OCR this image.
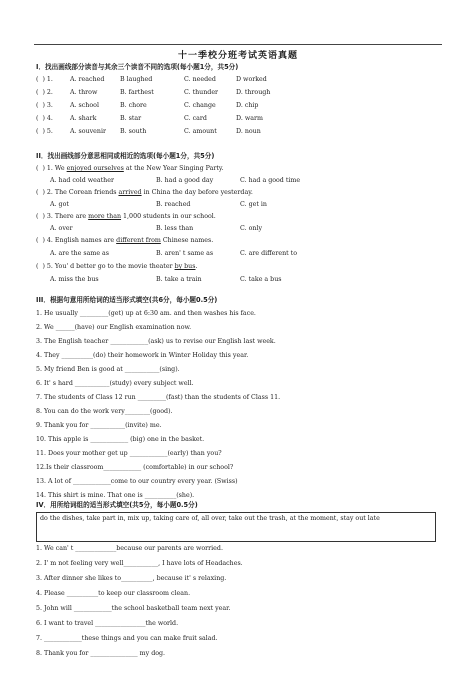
十一季校分班考试英语真题
I．找出画线部分读音与其余三个读音不同的选项(每小题1分，共5分)
(  ) 1.	A. reached B laughed	C. needed	D worked
(  ) 2.	A. throw	B. farthest	C. thunder	D. through
(  ) 3.	A. school	B. chore	C. change	D. chip
(  ) 4.	A. shark	B. star	C. card	D. warm
(  ) 5.	A. souvenir B. south	C. amount	D. noun
II．找出画线部分意思相同或相近的选项(每小题1分，共5分)
(  ) 1. We enjoyed ourselves at the New Year Singing Party.
A. had cold weather	B. had a good day	C. had a good time
(  ) 2. The Corean friends arrived in China the day before yesterday.
A. got	B. reached	C. get in
(  ) 3. There are more than 1,000 students in our school.
A. over	B. less than	C. only
(  ) 4. English names are different from Chinese names.
A. are the same as	B. aren' t same as	C. are different to
(  ) 5. You' d better go to the movie theater by bus.
A. miss the bus	B. take a train	C. take a bus
III．根据句意用所给词的适当形式填空(共6分，每小题0.5分)
1. He usually _________(get) up at 6:30 am. and then washes his face.
2. We ______(have) our English examination now.
3. The English teacher ____________(ask) us to revise our English last week.
4. They __________(do) their homework in Winter Holiday this year.
5. My friend Ben is good at ___________(sing).
6. It' s hard ___________(study) every subject well.
7. The students of Class 12 run _________(fast) than the students of Class 11.
8. You can do the work very________(good).
9. Thank you for ___________(invite) me.
10. This apple is ____________ (big) one in the basket.
11. Does your mother get up ____________(early) than you?
12.Is their classroom____________ (comfortable) in our school?
13. A lot of ____________come to our country every year. (Swiss)
14. This shirt is mine. That one is __________(she).
IV．用所给词组的适当形式填空(共5分，每小题0.5分)
do the dishes, take part in, mix up, taking care of, all over, take out the trash, at the moment, stay out late
1. We can' t _____________because our parents are worried.
2. I' m not feeling very well___________, I have lots of Headaches.
3. After dinner she likes to__________, because it' s relaxing.
4. Please __________to keep our classroom clean.
5. John will ____________the school basketball team next year.
6. I want to travel ________________the world.
7. ____________these things and you can make fruit salad.
8. Thank you for _______________ my dog.
